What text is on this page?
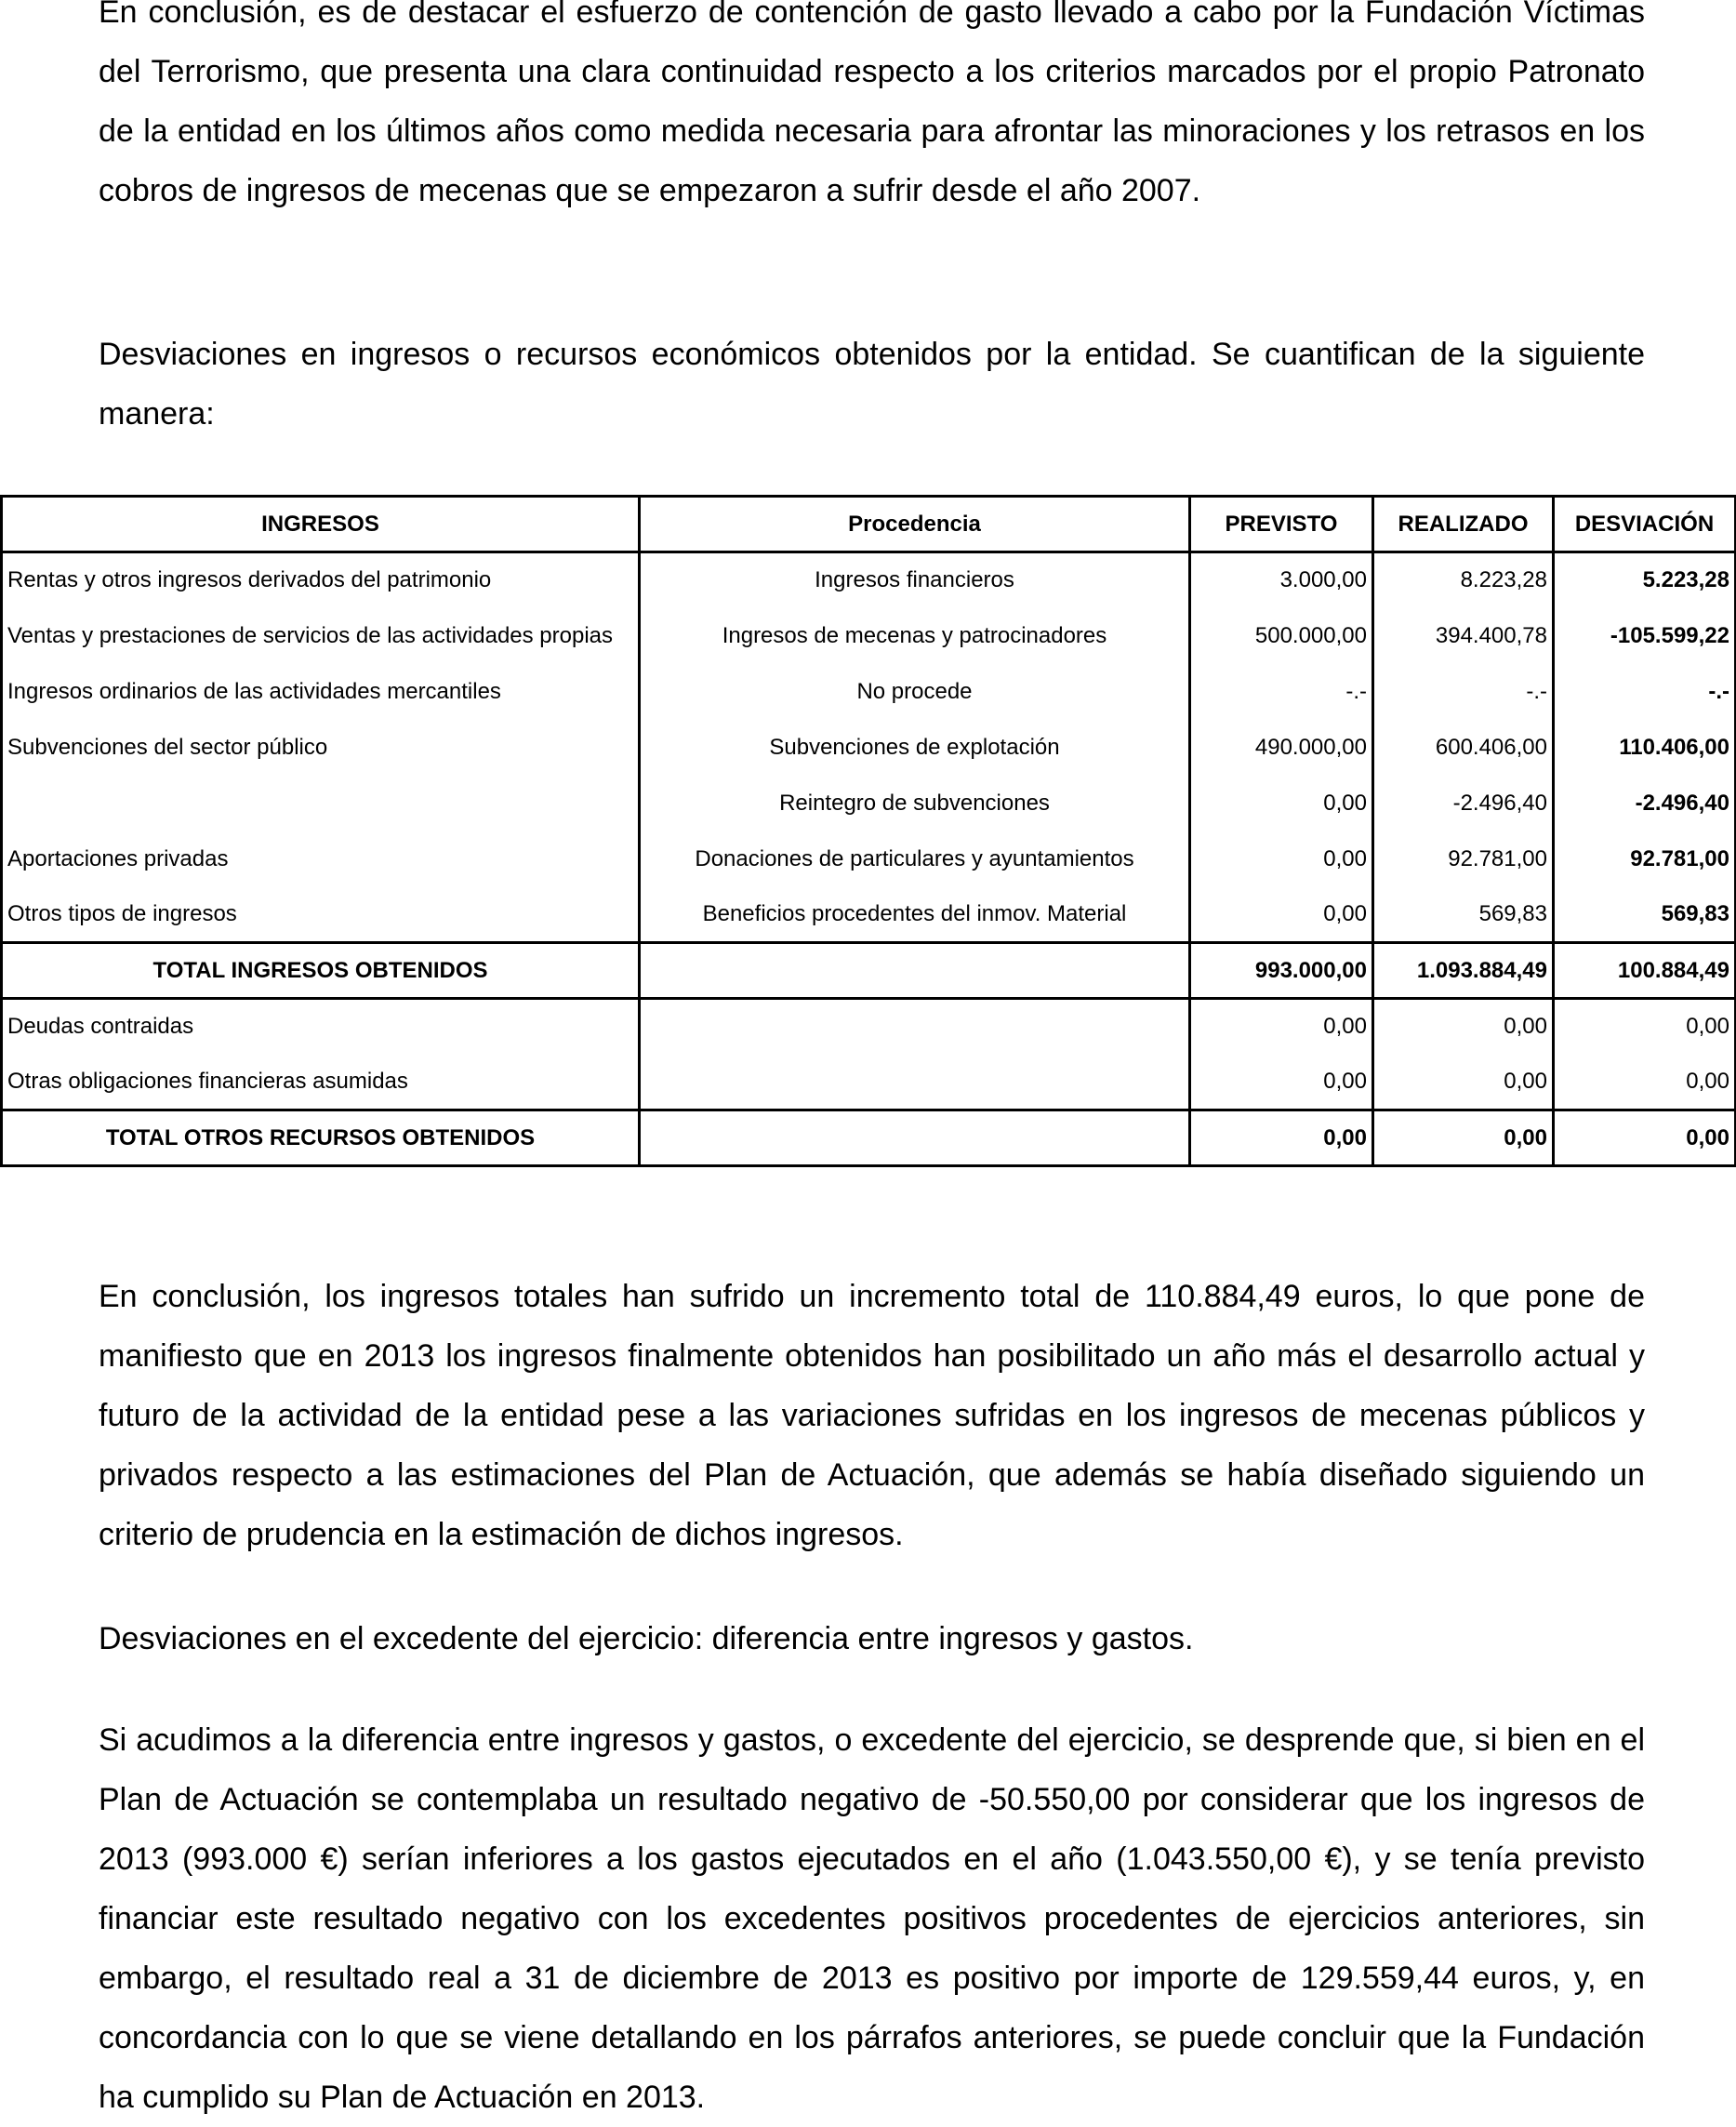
En conclusión, es de destacar el esfuerzo de contención de gasto llevado a cabo por la Fundación Víctimas del Terrorismo, que presenta una clara continuidad respecto a los criterios marcados por el propio Patronato de la entidad en los últimos años como medida necesaria para afrontar las minoraciones y los retrasos en los cobros de ingresos de mecenas que se empezaron a sufrir desde el año 2007.

Desviaciones en ingresos o recursos económicos obtenidos por la entidad. Se cuantifican de la siguiente manera:

INGRESOS	Procedencia	PREVISTO	REALIZADO	DESVIACIÓN
Rentas y otros ingresos derivados del patrimonio	Ingresos financieros	3.000,00	8.223,28	5.223,28
Ventas y prestaciones de servicios de las actividades propias	Ingresos de mecenas y patrocinadores	500.000,00	394.400,78	-105.599,22
Ingresos ordinarios de las actividades mercantiles	No procede	-.-	-.-	-.-
Subvenciones del sector público	Subvenciones de explotación	490.000,00	600.406,00	110.406,00
	Reintegro de subvenciones	0,00	-2.496,40	-2.496,40
Aportaciones privadas	Donaciones de particulares y ayuntamientos	0,00	92.781,00	92.781,00
Otros tipos de ingresos	Beneficios procedentes del inmov. Material	0,00	569,83	569,83
TOTAL INGRESOS OBTENIDOS		993.000,00	1.093.884,49	100.884,49
Deudas contraidas		0,00	0,00	0,00
Otras obligaciones financieras asumidas		0,00	0,00	0,00
TOTAL OTROS RECURSOS OBTENIDOS		0,00	0,00	0,00

En conclusión, los ingresos totales han sufrido un incremento total de 110.884,49 euros, lo que pone de manifiesto que en 2013 los ingresos finalmente obtenidos han posibilitado un año más el desarrollo actual y futuro de la actividad de la entidad pese a las variaciones sufridas en los ingresos de mecenas públicos y privados respecto a las estimaciones del Plan de Actuación, que además se había diseñado siguiendo un criterio de prudencia en la estimación de dichos ingresos.

Desviaciones en el excedente del ejercicio: diferencia entre ingresos y gastos.

Si acudimos a la diferencia entre ingresos y gastos, o excedente del ejercicio, se desprende que, si bien en el Plan de Actuación se contemplaba un resultado negativo de -50.550,00 por considerar que los ingresos de 2013 (993.000 €) serían inferiores a los gastos ejecutados en el año (1.043.550,00 €), y se tenía previsto financiar este resultado negativo con los excedentes positivos procedentes de ejercicios anteriores, sin embargo, el resultado real a 31 de diciembre de 2013 es positivo por importe de 129.559,44 euros, y, en concordancia con lo que se viene detallando en los párrafos anteriores, se puede concluir que la Fundación ha cumplido su Plan de Actuación en 2013.
